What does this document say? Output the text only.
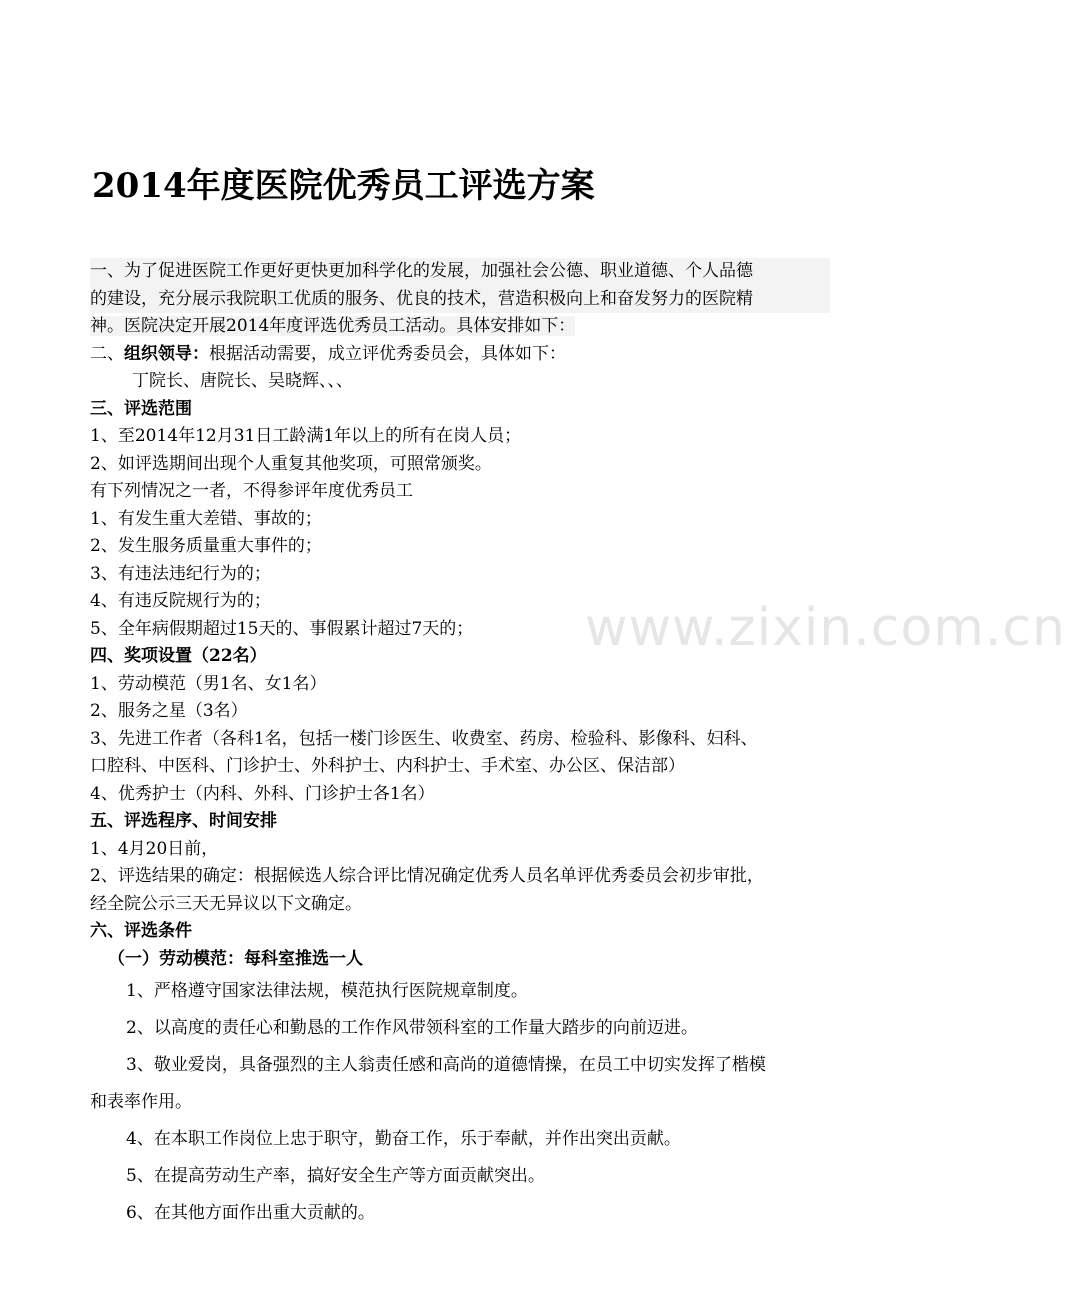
www.zixin.com.cn
2014年度医院优秀员工评选方案
一、为了促进医院工作更好更快更加科学化的发展，加强社会公德、职业道德、个人品德
的建设，充分展示我院职工优质的服务、优良的技术，营造积极向上和奋发努力的医院精
神。医院决定开展2014年度评选优秀员工活动。具体安排如下：
二、组织领导：根据活动需要，成立评优秀委员会，具体如下：
丁院长、唐院长、吴晓辉、、、
三、评选范围
1、至2014年12月31日工龄满1年以上的所有在岗人员；
2、如评选期间出现个人重复其他奖项，可照常颁奖。
有下列情况之一者，不得参评年度优秀员工
1、有发生重大差错、事故的；
2、发生服务质量重大事件的；
3、有违法违纪行为的；
4、有违反院规行为的；
5、全年病假期超过15天的、事假累计超过7天的；
四、奖项设置（22名）
1、劳动模范（男1名、女1名）
2、服务之星（3名）
3、先进工作者（各科1名，包括一楼门诊医生、收费室、药房、检验科、影像科、妇科、
口腔科、中医科、门诊护士、外科护士、内科护士、手术室、办公区、保洁部）
4、优秀护士（内科、外科、门诊护士各1名）
五、评选程序、时间安排
1、4月20日前，
2、评选结果的确定：根据候选人综合评比情况确定优秀人员名单评优秀委员会初步审批，
经全院公示三天无异议以下文确定。
六、评选条件
（一）劳动模范：每科室推选一人
1、严格遵守国家法律法规，模范执行医院规章制度。
2、以高度的责任心和勤恳的工作作风带领科室的工作量大踏步的向前迈进。
3、敬业爱岗，具备强烈的主人翁责任感和高尚的道德情操，在员工中切实发挥了楷模
和表率作用。
4、在本职工作岗位上忠于职守，勤奋工作，乐于奉献，并作出突出贡献。
5、在提高劳动生产率，搞好安全生产等方面贡献突出。
6、在其他方面作出重大贡献的。
